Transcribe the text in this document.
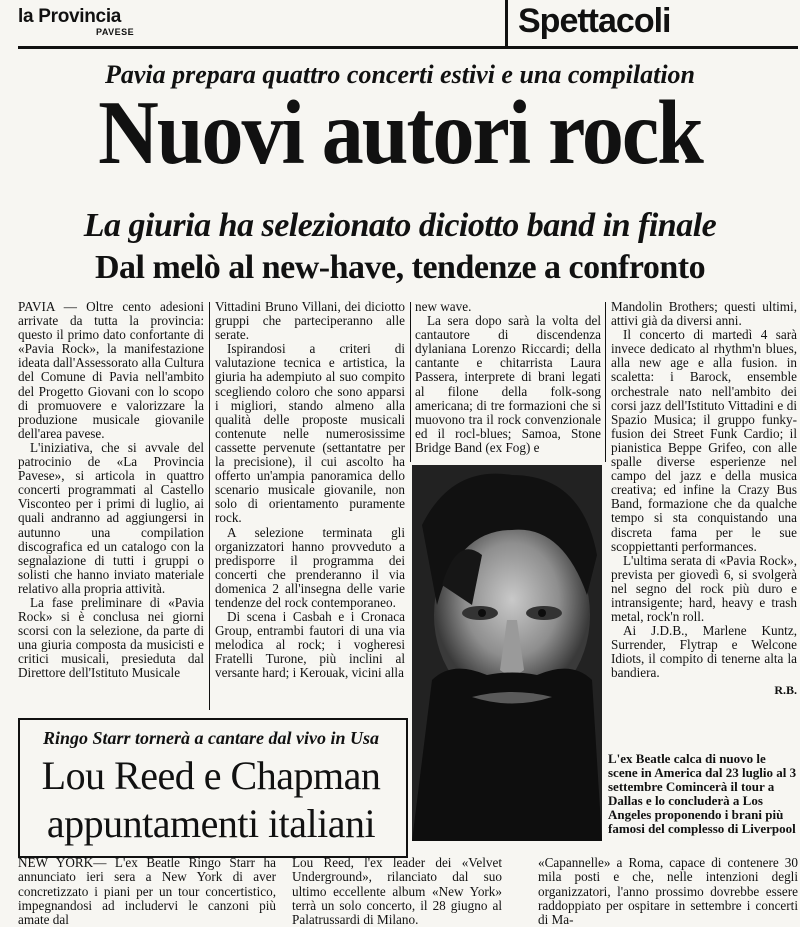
la Provincia
PAVESE	Spettacoli
Pavia prepara quattro concerti estivi e una compilation
Nuovi autori rock
La giuria ha selezionato diciotto band in finale
Dal melò al new-have, tendenze a confronto

PAVIA — Oltre cento adesioni arrivate da tutta la provincia: questo il primo dato confortante di «Pavia Rock», la manifestazione ideata dall'Assessorato alla Cultura del Comune di Pavia nell'ambito del Progetto Giovani con lo scopo di promuovere e valorizzare la produzione musicale giovanile dell'area pavese.

L'iniziativa, che si avvale del patrocinio de «La Provincia Pavese», si articola in quattro concerti programmati al Castello Visconteo per i primi di luglio, ai quali andranno ad aggiungersi in autunno una compilation discografica ed un catalogo con la segnalazione di tutti i gruppi o solisti che hanno inviato materiale relativo alla propria attività.

La fase preliminare di «Pavia Rock» si è conclusa nei giorni scorsi con la selezione, da parte di una giuria composta da musicisti e critici musicali, presieduta dal Direttore dell'Istituto Musicale

Vittadini Bruno Villani, dei diciotto gruppi che parteciperanno alle serate.

Ispirandosi a criteri di valutazione tecnica e artistica, la giuria ha adempiuto al suo compito scegliendo coloro che sono apparsi i migliori, stando almeno alla qualità delle proposte musicali contenute nelle numerosissime cassette pervenute (settantatre per la precisione), il cui ascolto ha offerto un'ampia panoramica dello scenario musicale giovanile, non solo di orientamento puramente rock.

A selezione terminata gli organizzatori hanno provveduto a predisporre il programma dei concerti che prenderanno il via domenica 2 all'insegna delle varie tendenze del rock contemporaneo.

Di scena i Casbah e i Cronaca Group, entrambi fautori di una via melodica al rock; i vogheresi Fratelli Turone, più inclini al versante hard; i Kerouak, vicini alla

new wave.

La sera dopo sarà la volta del cantautore di discendenza dylaniana Lorenzo Riccardi; della cantante e chitarrista Laura Passera, interprete di brani legati al filone della folk-song americana; di tre formazioni che si muovono tra il rock convenzionale ed il rocl-blues; Samoa, Stone Bridge Band (ex Fog) e

Mandolin Brothers; questi ultimi, attivi già da diversi anni.

Il concerto di martedì 4 sarà invece dedicato al rhythm'n blues, alla new age e alla fusion. in scaletta: i Barock, ensemble orchestrale nato nell'ambito dei corsi jazz dell'Istituto Vittadini e di Spazio Musica; il gruppo funky-fusion dei Street Funk Cardio; il pianistica Beppe Grifeo, con alle spalle diverse esperienze nel campo del jazz e della musica creativa; ed infine la Crazy Bus Band, formazione che da qualche tempo si sta conquistando una discreta fama per le sue scoppiettanti performances.

L'ultima serata di «Pavia Rock», prevista per giovedì 6, si svolgerà nel segno del rock più duro e intransigente; hard, heavy e trash metal, rock'n roll.

Ai J.D.B., Marlene Kuntz, Surrender, Flytrap e Welcone Idiots, il compito di tenerne alta la bandiera.

R.B.
L'ex Beatle calca di nuovo le scene in America dal 23 luglio al 3 settembre Comincerà il tour a Dallas e lo concluderà a Los Angeles proponendo i brani più famosi del complesso di Liverpool
Ringo Starr tornerà a cantare dal vivo in Usa
Lou Reed e Chapman
appuntamenti italiani

NEW YORK— L'ex Beatle Ringo Starr ha annunciato ieri sera a New York di aver concretizzato i piani per un tour concertistico, impegnandosi ad includervi le canzoni più amate dal

Lou Reed, l'ex leader dei «Velvet Underground», rilanciato dal suo ultimo eccellente album «New York» terrà un solo concerto, il 28 giugno al Palatrussardi di Milano.

«Capannelle» a Roma, capace di contenere 30 mila posti e che, nelle intenzioni degli organizzatori, l'anno prossimo dovrebbe essere raddoppiato per ospitare in settembre i concerti di Ma-
